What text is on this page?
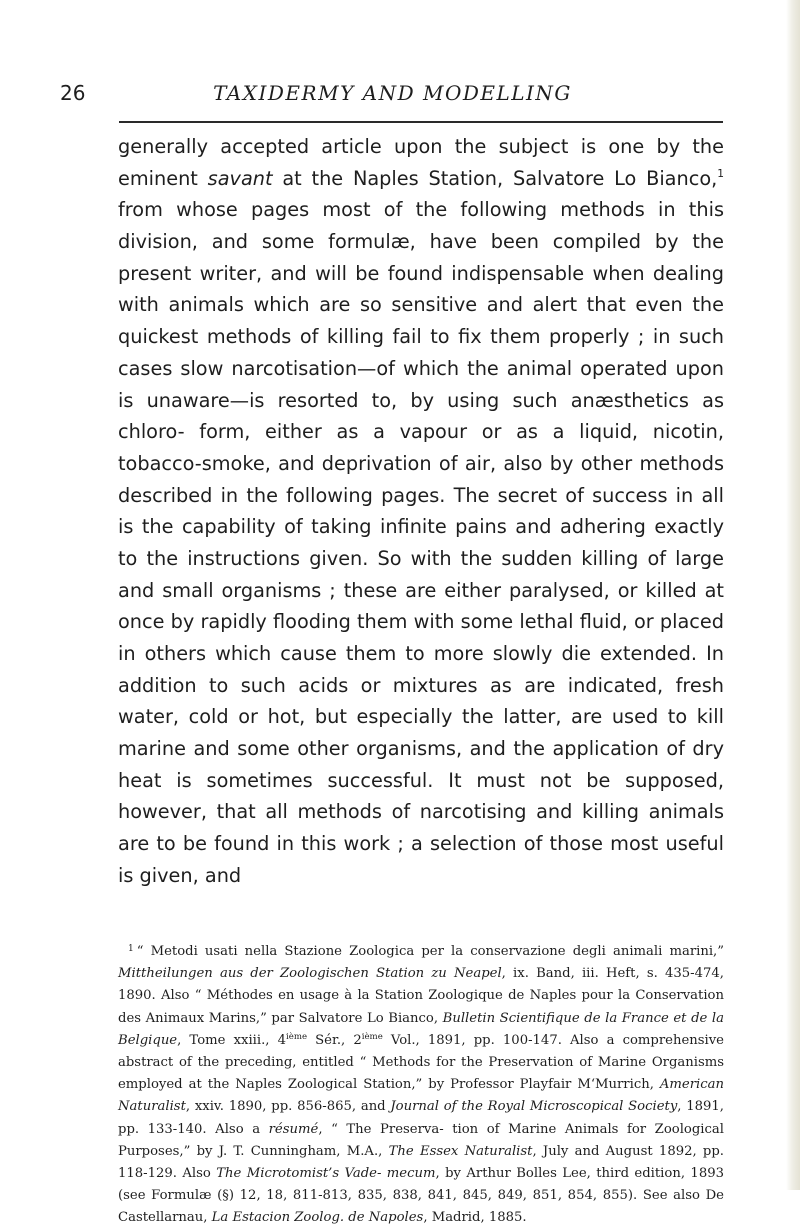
26	TAXIDERMY AND MODELLING

generally accepted article upon the subject is one by the eminent savant at the Naples Station, Salvatore Lo Bianco,$^1$ from whose pages most of the following methods in this division, and some formulæ, have been compiled by the present writer, and will be found indispensable when dealing with animals which are so sensitive and alert that even the quickest methods of killing fail to fix them properly ; in such cases slow narcotisation—of which the animal operated upon is unaware—is resorted to, by using such anæsthetics as chloro- form, either as a vapour or as a liquid, nicotin, tobacco-smoke, and deprivation of air, also by other methods described in the following pages. The secret of success in all is the capability of taking infinite pains and adhering exactly to the instructions given. So with the sudden killing of large and small organisms ; these are either paralysed, or killed at once by rapidly flooding them with some lethal fluid, or placed in others which cause them to more slowly die extended. In addition to such acids or mixtures as are indicated, fresh water, cold or hot, but especially the latter, are used to kill marine and some other organisms, and the application of dry heat is sometimes successful. It must not be supposed, however, that all methods of narcotising and killing animals are to be found in this work ; a selection of those most useful is given, and

$^1$ “ Metodi usati nella Stazione Zoologica per la conservazione degli animali marini,” Mittheilungen aus der Zoologischen Station zu Neapel, ix. Band, iii. Heft, s. 435-474, 1890. Also “ Méthodes en usage à la Station Zoologique de Naples pour la Conservation des Animaux Marins,” par Salvatore Lo Bianco, Bulletin Scientifique de la France et de la Belgique, Tome xxiii., 4ième Sér., 2ième Vol., 1891, pp. 100-147. Also a comprehensive abstract of the preceding, entitled “ Methods for the Preservation of Marine Organisms employed at the Naples Zoological Station,” by Professor Playfair M‘Murrich, American Naturalist, xxiv. 1890, pp. 856-865, and Journal of the Royal Microscopical Society, 1891, pp. 133-140. Also a résumé, “ The Preserva- tion of Marine Animals for Zoological Purposes,” by J. T. Cunningham, M.A., The Essex Naturalist, July and August 1892, pp. 118-129. Also The Microtomist’s Vade- mecum, by Arthur Bolles Lee, third edition, 1893 (see Formulæ (§) 12, 18, 811-813, 835, 838, 841, 845, 849, 851, 854, 855). See also De Castellarnau, La Estacion Zoolog. de Napoles, Madrid, 1885.
